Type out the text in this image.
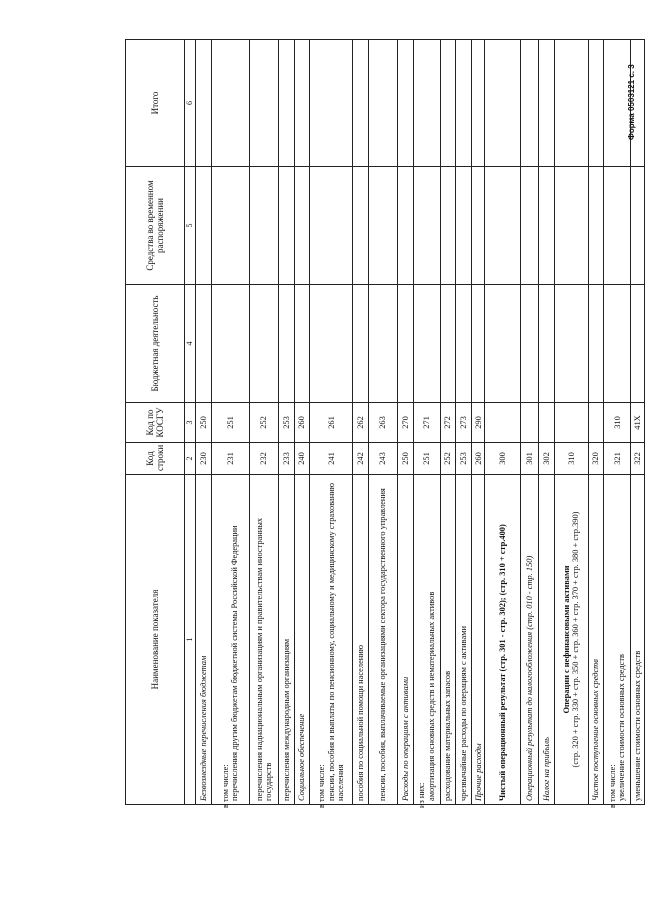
Наименование показателя	Код строки	Код по КОСГУ	Бюджетная деятельность	Средства во временном распоряжении	Итого
1	2	3	4	5	6

Безвозмездные перечисления бюджетам	230	250			

в том числе: перечисления другим бюджетам бюджетной системы Российской Федерации	231	251			

перечисления наднациональным организациям и правительствам иностранных государств	232	252			

перечисления международным организациям	233	253			

Социальное обеспечение	240	260			

в том числе: пенсии, пособия и выплаты по пенсионному, социальному и медицинскому страхованию населения	241	261			

пособия по социальной помощи населению	242	262			

пенсии, пособия, выплачиваемые организациями сектора государственного управления	243	263			

Расходы по операциям с активами	250	270			

из них: амортизация основных средств и нематериальных активов	251	271			

расходование материальных запасов	252	272			

чрезвычайные расходы по операциям с активами	253	273			

Прочие расходы	260	290			

Чистый операционный результат (стр. 301 - стр. 302); (стр. 310 + стр.400)	300				

Операционный результат до налогообложения (стр. 010 - стр. 150)	301				

Налог на прибыль	302				

Операции с нефинансовыми активами (стр. 320 + стр. 330 + стр. 350 + стр. 360 + стр. 370 + стр. 380 + стр.390)	310				

Чистое поступление основных средств	320				

в том числе: увеличение стоимости основных средств	321	310			

уменьшение стоимости основных средств	322	41X			
Форма 0503121 с. 3
